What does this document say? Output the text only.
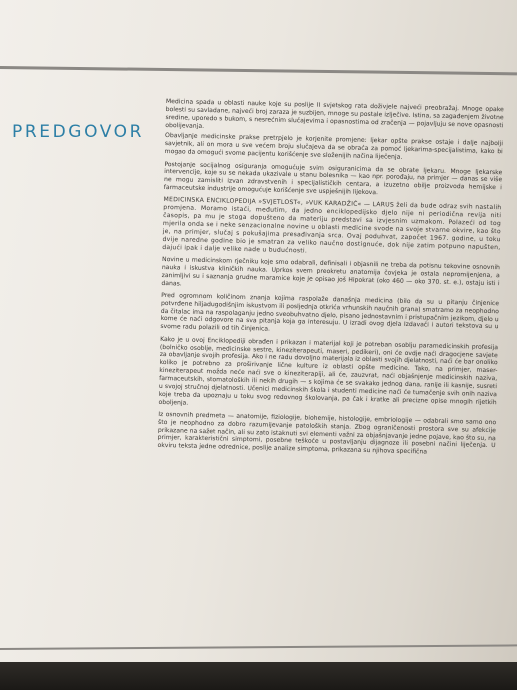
PREDGOVOR

Medicina spada u oblasti nauke koje su poslije II svjetskog rata doživjele najveći preobražaj. Mnoge opake bolesti su savladane, najveći broj zaraza je suzbijen, mnoge su postale izlječive. Istina, sa zagađenjem životne sredine, uporedo s bukom, s nesrećnim slučajevima i opasnostima od zračenja — pojavljuju se nove opasnosti obolijevanja.

Obavljanje medicinske prakse pretrpjelo je korjenite promjene: ljekar opšte prakse ostaje i dalje najbolji savjetnik, ali on mora u sve većem broju slučajeva da se obraća za pomoć ljekarima-specijalistima, kako bi mogao da omogući svome pacijentu korišćenje sve složenijih načina liječenja.

Postojanje socijalnog osiguranja omogućuje svim osiguranicima da se obrate ljekaru. Mnoge ljekarske intervencije, koje su se nekada ukazivale u stanu bolesnika — kao npr. porođaju, na primjer — danas se više ne mogu zamisliti izvan zdravstvenih i specijalističkih centara, a izuzetno obilje proizvoda hemijske i farmaceutske industrije omogućuje korišćenje sve uspješnijih lijekova.

MEDICINSKA ENCIKLOPEDIJA »SVJETLOST«, »VUK KARADŽIĆ« — LARUS želi da bude odraz svih nastalih promjena. Moramo istaći, međutim, da jedno enciklopedijsko djelo nije ni periodična revija niti časopis, pa mu je stoga dopušteno da materiju predstavi sa izvjesnim uzmakom. Polazeći od tog mjerila onda se i neke senzacionalne novine u oblasti medicine svode na svoje stvarne okvire, kao što je, na primjer, slučaj s pokušajima presađivanja srca. Ovaj poduhvat, započet 1967. godine, u toku dvije naredne godine bio je smatran za veliko naučno dostignuće, dok nije zatim potpuno napušten, dajući ipak i dalje velike nade u budućnosti.

Novine u medicinskom rječniku koje smo odabrali, definisali i objasnili ne treba da potisnu tekovine osnovnih nauka i iskustva kliničkih nauka. Uprkos svem preokretu anatomija čovjeka je ostala nepromijenjena, a zanimljivi su i saznanja grudne maramice koje je opisao još Hipokrat (oko 460 — oko 370. st. e.), ostaju isti i danas.

Pred ogromnom količinom znanja kojima raspolaže današnja medicina (bilo da su u pitanju činjenice potvrđene hiljadugodišnjim iskustvom ili posljednja otkrića vrhunskih naučnih grana) smatramo za neophodno da čitalac ima na raspolaganju jedno sveobuhvatno djelo, pisano jednostavnim i pristupačnim jezikom, djelo u kome će naći odgovore na sva pitanja koja ga interesuju. U izradi ovog djela Izdavači i autori tekstova su u svome radu polazili od tih činjenica.

Kako je u ovoj Enciklopediji obrađen i prikazan i materijal koji je potreban osoblju paramedicinskih profesija (bolničko osoblje, medicinske sestre, kineziterapeuti, maseri, pedikeri), oni će ovdje naći dragocjene savjete za obavljanje svojih profesija. Ako i ne radu dovoljno materijala iz oblasti svojih djelatnosti, naći će bar onoliko koliko je potrebno za proširivanje lične kulture iz oblasti opšte medicine. Tako, na primjer, maser-kineziterapeut možda neće naći sve o kineziterapiji, ali će, zauzvrat, naći objašnjenje medicinskih naziva, farmaceutskih, stomatoloških ili nekih drugih — s kojima će se svakako jednog dana, ranije ili kasnije, susreti u svojoj stručnoj djelatnosti. Učenici medicinskih škola i studenti medicine naći će tumačenje svih onih naziva koje treba da upoznaju u toku svog redovnog školovanja, pa čak i kratke ali precizne opise mnogih rijetkih oboljenja.

Iz osnovnih predmeta — anatomije, fiziologije, biohemije, histologije, embriologije — odabrali smo samo ono što je neophodno za dobro razumijevanje patoloških stanja. Zbog ograničenosti prostora sve su afekcije prikazane na sažet način, ali su zato istaknuti svi elementi važni za objašnjavanje jedne pojave, kao što su, na primjer, karakteristični simptomi, posebne teškoće u postavljanju dijagnoze ili posebni načini liječenja. U okviru teksta jedne odrednice, poslije analize simptoma, prikazana su njihova specifična
